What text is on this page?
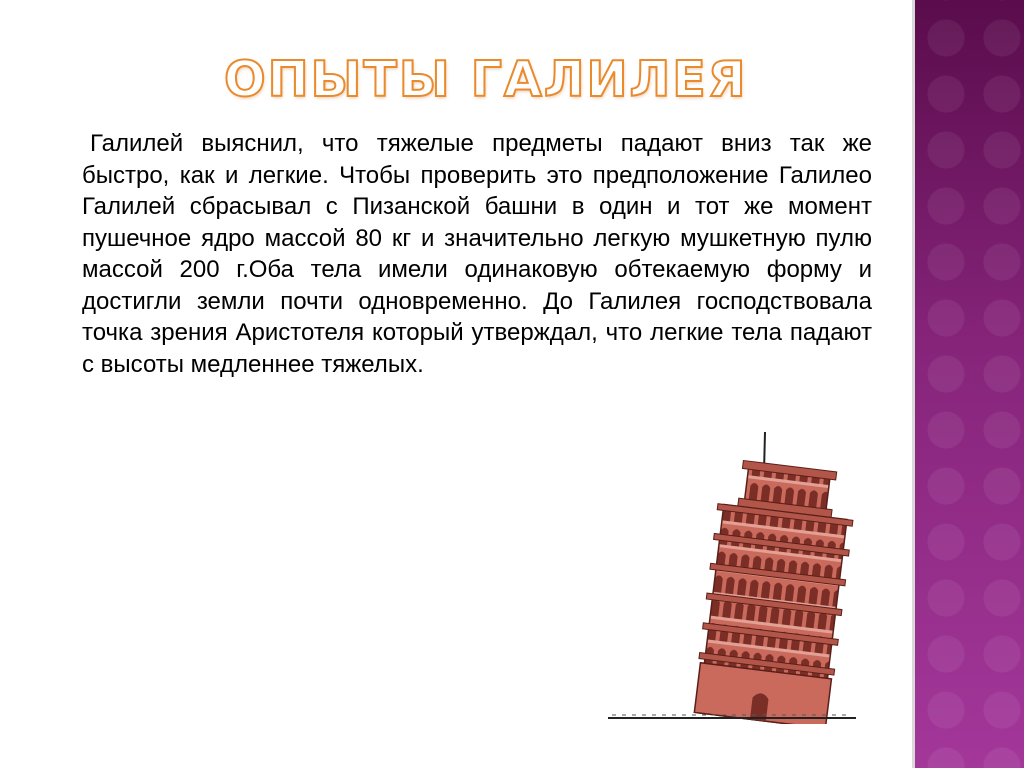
ОПЫТЫ ГАЛИЛЕЯ

Галилей выяснил, что тяжелые предметы падают вниз так же быстро, как и легкие. Чтобы проверить это предположение Галилео Галилей сбрасывал с Пизанской башни в один и тот же момент пушечное ядро массой 80 кг и значительно легкую мушкетную пулю массой 200 г.Оба тела имели одинаковую обтекаемую форму и достигли земли почти одновременно. До Галилея господствовала точка зрения Аристотеля который утверждал, что легкие тела падают с высоты медленнее тяжелых.
